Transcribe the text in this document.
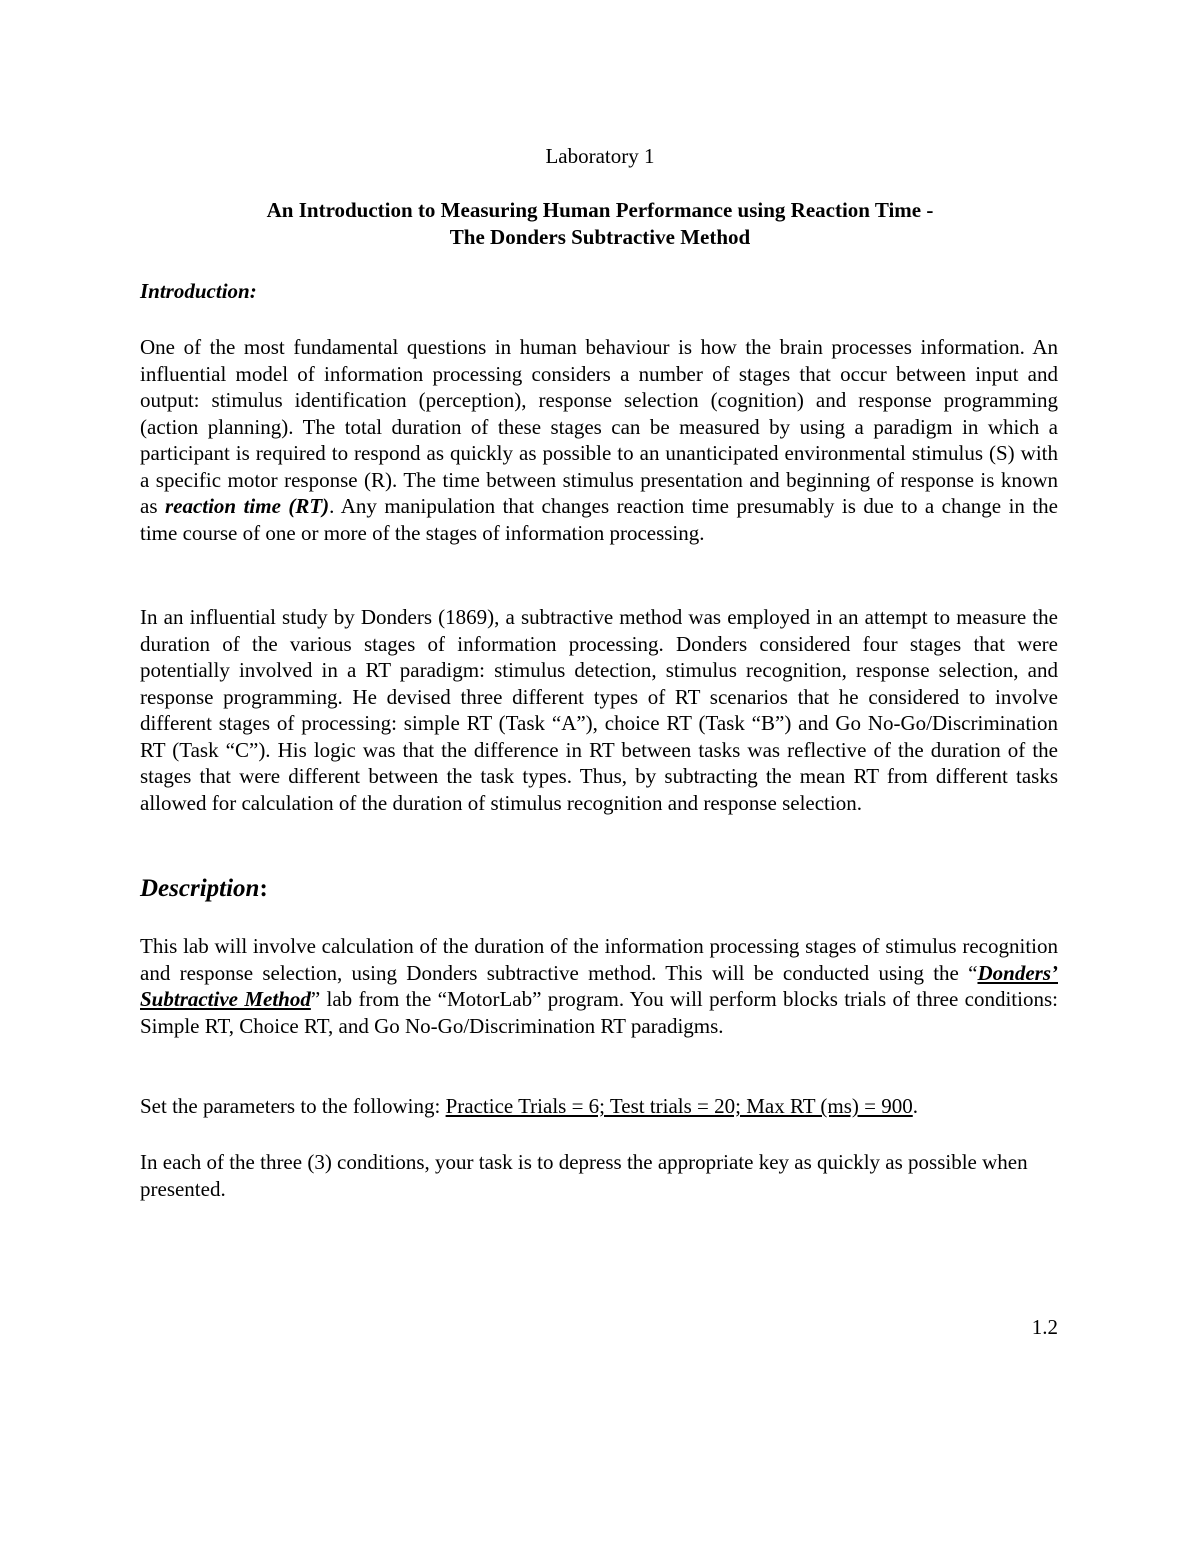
Laboratory 1

An Introduction to Measuring Human Performance using Reaction Time -
The Donders Subtractive Method
Introduction:

One of the most fundamental questions in human behaviour is how the brain processes information. An influential model of information processing considers a number of stages that occur between input and output: stimulus identification (perception), response selection (cognition) and response programming (action planning). The total duration of these stages can be measured by using a paradigm in which a participant is required to respond as quickly as possible to an unanticipated environmental stimulus (S) with a specific motor response (R). The time between stimulus presentation and beginning of response is known as reaction time (RT). Any manipulation that changes reaction time presumably is due to a change in the time course of one or more of the stages of information processing.

In an influential study by Donders (1869), a subtractive method was employed in an attempt to measure the duration of the various stages of information processing. Donders considered four stages that were potentially involved in a RT paradigm: stimulus detection, stimulus recognition, response selection, and response programming. He devised three different types of RT scenarios that he considered to involve different stages of processing: simple RT (Task “A”), choice RT (Task “B”) and Go No-Go/Discrimination RT (Task “C”). His logic was that the difference in RT between tasks was reflective of the duration of the stages that were different between the task types. Thus, by subtracting the mean RT from different tasks allowed for calculation of the duration of stimulus recognition and response selection.

Description:

This lab will involve calculation of the duration of the information processing stages of stimulus recognition and response selection, using Donders subtractive method. This will be conducted using the “Donders’ Subtractive Method” lab from the “MotorLab” program. You will perform blocks trials of three conditions: Simple RT, Choice RT, and Go No-Go/Discrimination RT paradigms.

Set the parameters to the following: Practice Trials = 6; Test trials = 20; Max RT (ms) = 900.

In each of the three (3) conditions, your task is to depress the appropriate key as quickly as possible when presented.

1.2
